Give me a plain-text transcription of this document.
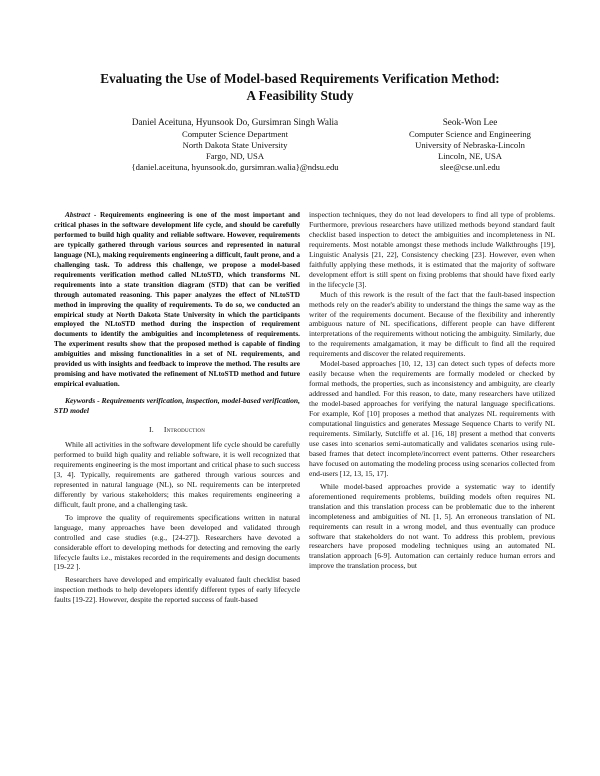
Evaluating the Use of Model-based Requirements Verification Method:
A Feasibility Study
Daniel Aceituna, Hyunsook Do, Gursimran Singh Walia
Computer Science Department
North Dakota State University
Fargo, ND, USA
{daniel.aceituna, hyunsook.do, gursimran.walia}@ndsu.edu
Seok-Won Lee
Computer Science and Engineering
University of Nebraska-Lincoln
Lincoln, NE, USA
slee@cse.unl.edu

Abstract - Requirements engineering is one of the most important and critical phases in the software development life cycle, and should be carefully performed to build high quality and reliable software. However, requirements are typically gathered through various sources and represented in natural language (NL), making requirements engineering a difficult, fault prone, and a challenging task. To address this challenge, we propose a model-based requirements verification method called NLtoSTD, which transforms NL requirements into a state transition diagram (STD) that can be verified through automated reasoning. This paper analyzes the effect of NLtoSTD method in improving the quality of requirements. To do so, we conducted an empirical study at North Dakota State University in which the participants employed the NLtoSTD method during the inspection of requirement documents to identify the ambiguities and incompleteness of requirements. The experiment results show that the proposed method is capable of finding ambiguities and missing functionalities in a set of NL requirements, and provided us with insights and feedback to improve the method. The results are promising and have motivated the refinement of NLtoSTD method and future empirical evaluation.

Keywords - Requirements verification, inspection, model-based verification, STD model

I. Introduction

While all activities in the software development life cycle should be carefully performed to build high quality and reliable software, it is well recognized that requirements engineering is the most important and critical phase to such success [3, 4]. Typically, requirements are gathered through various sources and represented in natural language (NL), so NL requirements can be interpreted differently by various stakeholders; this makes requirements engineering a difficult, fault prone, and a challenging task.

To improve the quality of requirements specifications written in natural language, many approaches have been developed and validated through controlled and case studies (e.g., [24-27]). Researchers have devoted a considerable effort to developing methods for detecting and removing the early lifecycle faults i.e., mistakes recorded in the requirements and design documents [19-22 ].

Researchers have developed and empirically evaluated fault checklist based inspection methods to help developers identify different types of early lifecycle faults [19-22]. However, despite the reported success of fault-based

inspection techniques, they do not lead developers to find all type of problems. Furthermore, previous researchers have utilized methods beyond standard fault checklist based inspection to detect the ambiguities and incompleteness in NL requirements. Most notable amongst these methods include Walkthroughs [19], Linguistic Analysis [21, 22], Consistency checking [23]. However, even when faithfully applying these methods, it is estimated that the majority of software development effort is still spent on fixing problems that should have fixed early in the lifecycle [3].

Much of this rework is the result of the fact that the fault-based inspection methods rely on the reader's ability to understand the things the same way as the writer of the requirements document. Because of the flexibility and inherently ambiguous nature of NL specifications, different people can have different interpretations of the requirements without noticing the ambiguity. Similarly, due to the requirements amalgamation, it may be difficult to find all the required requirements and discover the related requirements.

Model-based approaches [10, 12, 13] can detect such types of defects more easily because when the requirements are formally modeled or checked by formal methods, the properties, such as inconsistency and ambiguity, are clearly addressed and handled. For this reason, to date, many researchers have utilized the model-based approaches for verifying the natural language specifications. For example, Kof [10] proposes a method that analyzes NL requirements with computational linguistics and generates Message Sequence Charts to verify NL requirements. Similarly, Sutcliffe et al. [16, 18] present a method that converts use cases into scenarios semi-automatically and validates scenarios using rule-based frames that detect incomplete/incorrect event patterns. Other researchers have focused on automating the modeling process using scenarios collected from end-users [12, 13, 15, 17].

While model-based approaches provide a systematic way to identify aforementioned requirements problems, building models often requires NL translation and this translation process can be problematic due to the inherent incompleteness and ambiguities of NL [1, 5]. An erroneous translation of NL requirements can result in a wrong model, and thus eventually can produce software that stakeholders do not want. To address this problem, previous researchers have proposed modeling techniques using an automated NL translation approach [6-9]. Automation can certainly reduce human errors and improve the translation process, but
